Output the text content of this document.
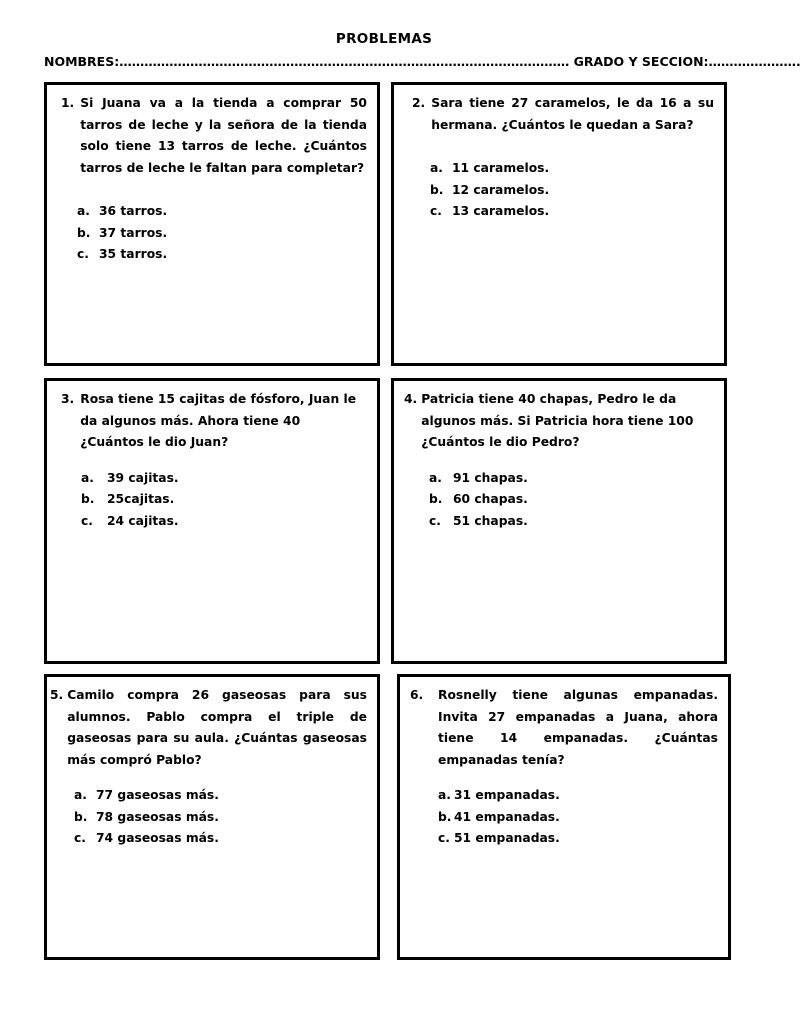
PROBLEMAS
NOMBRES:……………………………………………………………………………………………… GRADO Y SECCION:………………….
1. Si Juana va a la tienda a comprar 50 tarros de leche y la señora de la tienda solo tiene 13 tarros de leche. ¿Cuántos tarros de leche le faltan para completar?
a. 36 tarros.
b. 37 tarros.
c. 35 tarros.
2. Sara tiene 27 caramelos, le da 16 a su hermana. ¿Cuántos le quedan a Sara?
a. 11 caramelos.
b. 12 caramelos.
c. 13 caramelos.
3. Rosa tiene 15 cajitas de fósforo, Juan le da algunos más. Ahora tiene 40 ¿Cuántos le dio Juan?
a.	39 cajitas.
b.	25cajitas.
c.	24 cajitas.
4. Patricia tiene 40 chapas, Pedro le da algunos más. Si Patricia hora tiene 100 ¿Cuántos le dio Pedro?
a. 91 chapas.
b. 60 chapas.
c. 51 chapas.
5. Camilo compra 26 gaseosas para sus alumnos. Pablo compra el triple de gaseosas para su aula. ¿Cuántas gaseosas más compró Pablo?
a. 77 gaseosas más.
b. 78 gaseosas más.
c. 74 gaseosas más.
6.	Rosnelly tiene algunas empanadas. Invita 27 empanadas a Juana, ahora tiene 14 empanadas. ¿Cuántas empanadas tenía?
a. 31 empanadas.
b. 41 empanadas.
c. 51 empanadas.
